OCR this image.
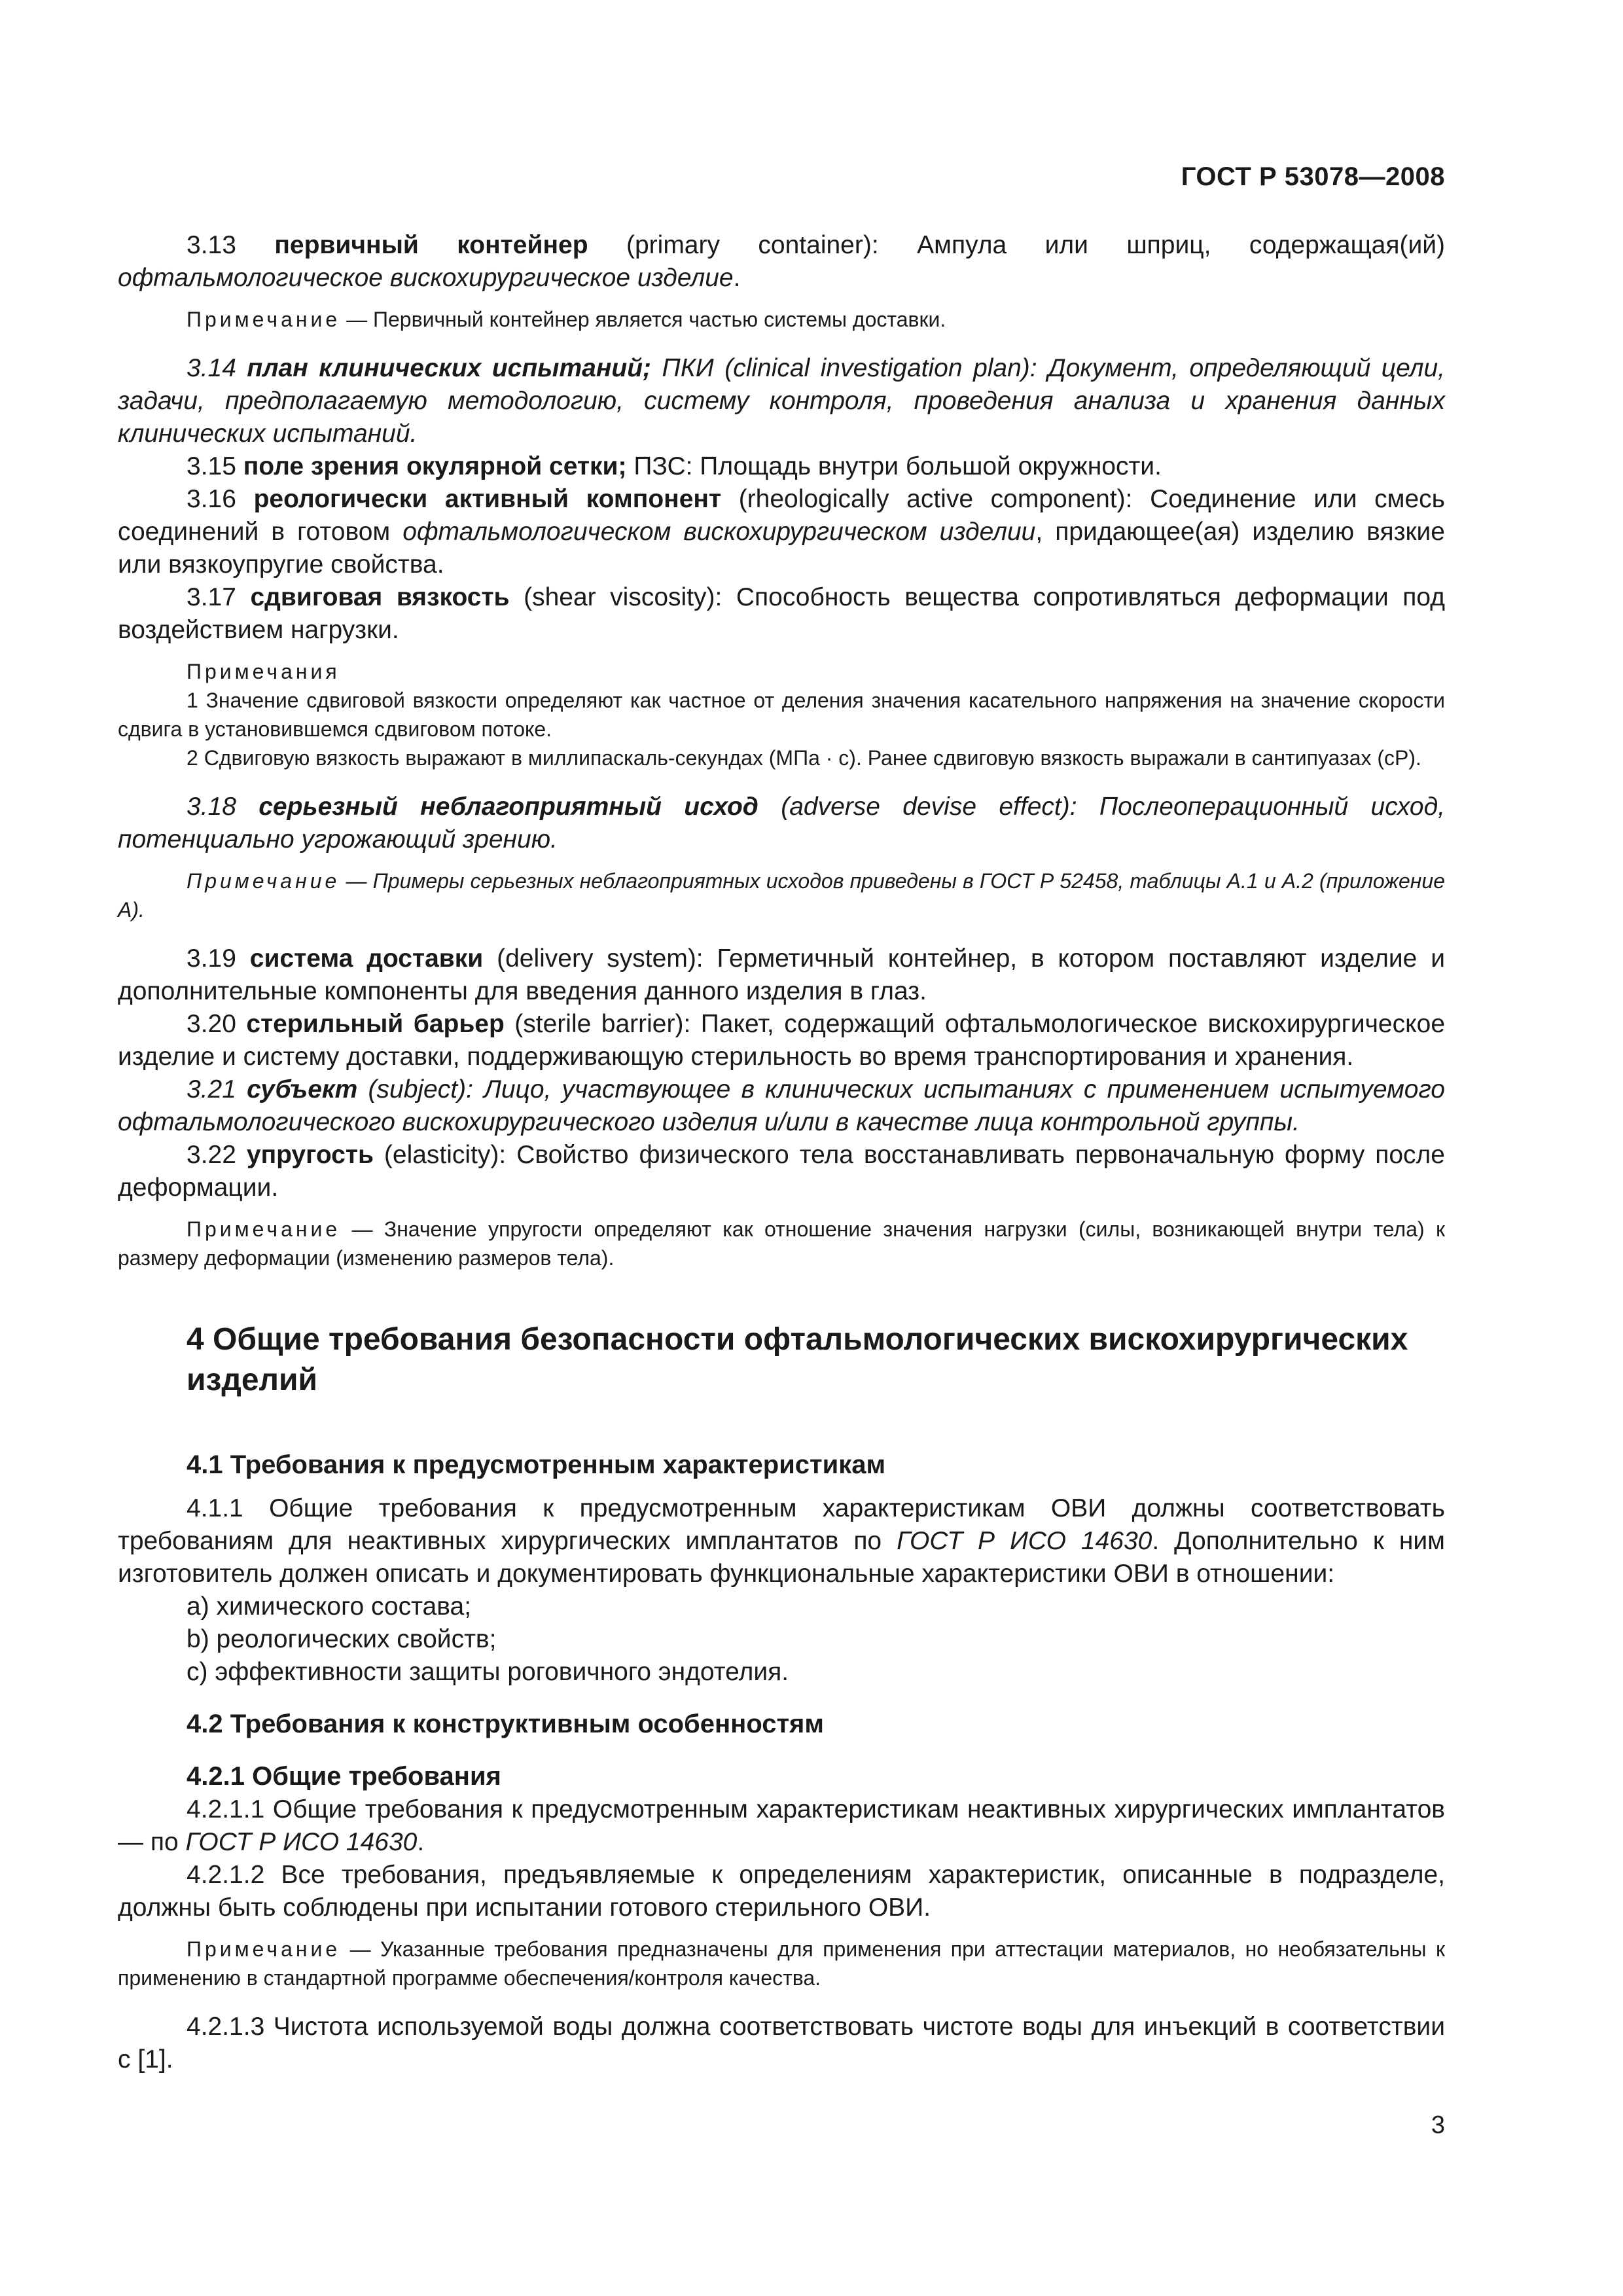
ГОСТ Р 53078—2008

3.13 первичный контейнер (primary container): Ампула или шприц, содержащая(ий) офтальмологическое вискохирургическое изделие.

Примечание — Первичный контейнер является частью системы доставки.

3.14 план клинических испытаний; ПКИ (clinical investigation plan): Документ, определяющий цели, задачи, предполагаемую методологию, систему контроля, проведения анализа и хранения данных клинических испытаний.

3.15 поле зрения окулярной сетки; ПЗС: Площадь внутри большой окружности.

3.16 реологически активный компонент (rheologically active component): Соединение или смесь соединений в готовом офтальмологическом вискохирургическом изделии, придающее(ая) изделию вязкие или вязкоупругие свойства.

3.17 сдвиговая вязкость (shear viscosity): Способность вещества сопротивляться деформации под воздействием нагрузки.

Примечания

1 Значение сдвиговой вязкости определяют как частное от деления значения касательного напряжения на значение скорости сдвига в установившемся сдвиговом потоке.

2 Сдвиговую вязкость выражают в миллипаскаль-секундах (МПа · с). Ранее сдвиговую вязкость выражали в сантипуазах (сР).

3.18 серьезный неблагоприятный исход (adverse devise effect): Послеоперационный исход, потенциально угрожающий зрению.

Примечание — Примеры серьезных неблагоприятных исходов приведены в ГОСТ Р 52458, таблицы А.1 и А.2 (приложение А).

3.19 система доставки (delivery system): Герметичный контейнер, в котором поставляют изделие и дополнительные компоненты для введения данного изделия в глаз.

3.20 стерильный барьер (sterile barrier): Пакет, содержащий офтальмологическое вискохирургическое изделие и систему доставки, поддерживающую стерильность во время транспортирования и хранения.

3.21 субъект (subject): Лицо, участвующее в клинических испытаниях с применением испытуемого офтальмологического вискохирургического изделия и/или в качестве лица контрольной группы.

3.22 упругость (elasticity): Свойство физического тела восстанавливать первоначальную форму после деформации.

Примечание — Значение упругости определяют как отношение значения нагрузки (силы, возникающей внутри тела) к размеру деформации (изменению размеров тела).

4 Общие требования безопасности офтальмологических вискохирургических изделий

4.1 Требования к предусмотренным характеристикам

4.1.1 Общие требования к предусмотренным характеристикам ОВИ должны соответствовать требованиям для неактивных хирургических имплантатов по ГОСТ Р ИСО 14630. Дополнительно к ним изготовитель должен описать и документировать функциональные характеристики ОВИ в отношении:

a) химического состава;

b) реологических свойств;

c) эффективности защиты роговичного эндотелия.

4.2 Требования к конструктивным особенностям

4.2.1 Общие требования

4.2.1.1 Общие требования к предусмотренным характеристикам неактивных хирургических имплантатов — по ГОСТ Р ИСО 14630.

4.2.1.2 Все требования, предъявляемые к определениям характеристик, описанные в подразделе, должны быть соблюдены при испытании готового стерильного ОВИ.

Примечание — Указанные требования предназначены для применения при аттестации материалов, но необязательны к применению в стандартной программе обеспечения/контроля качества.

4.2.1.3 Чистота используемой воды должна соответствовать чистоте воды для инъекций в соответствии с [1].

3
